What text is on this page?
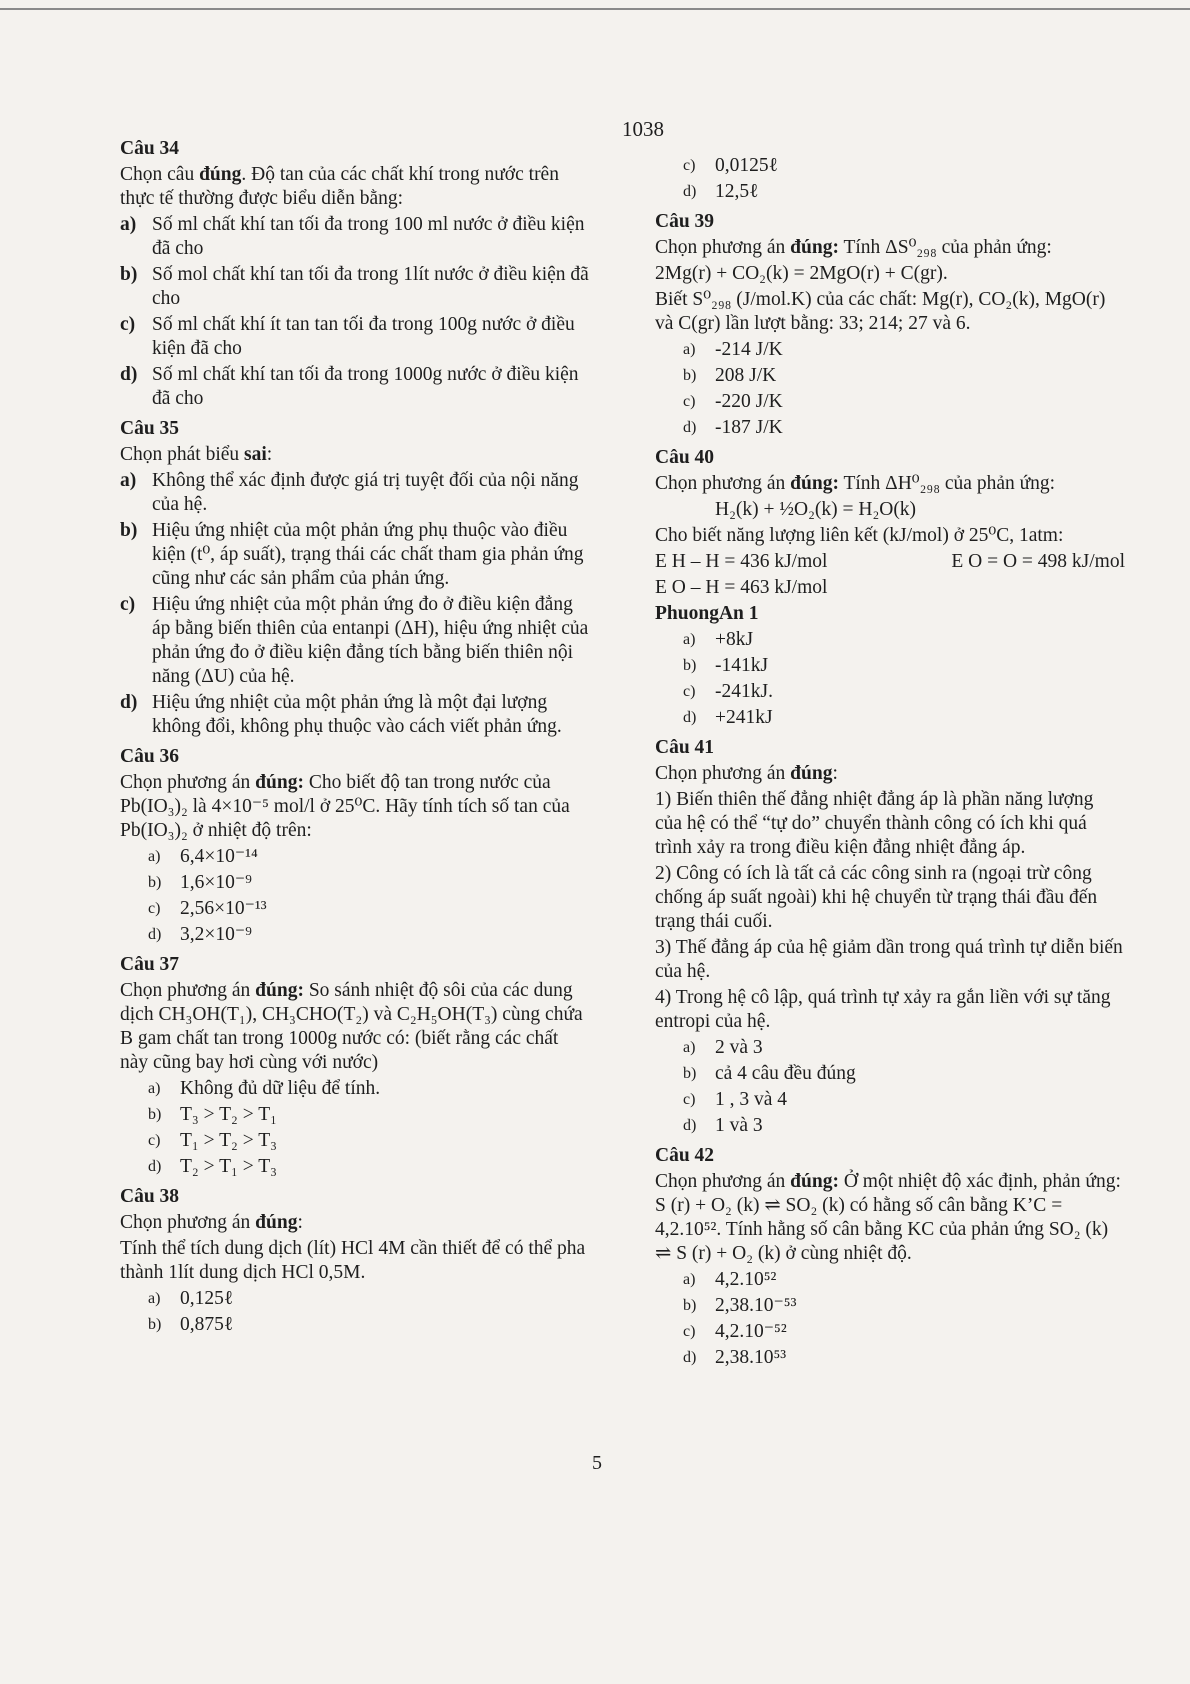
1038
Câu 34
Chọn câu đúng. Độ tan của các chất khí trong nước trên thực tế thường được biểu diễn bằng:
a) Số ml chất khí tan tối đa trong 100 ml nước ở điều kiện đã cho
b) Số mol chất khí tan tối đa trong 1lít nước ở điều kiện đã cho
c) Số ml chất khí ít tan tan tối đa trong 100g nước ở điều kiện đã cho
d) Số ml chất khí tan tối đa trong 1000g nước ở điều kiện đã cho
Câu 35
Chọn phát biểu sai:
a) Không thể xác định được giá trị tuyệt đối của nội năng của hệ.
b) Hiệu ứng nhiệt của một phản ứng phụ thuộc vào điều kiện (t⁰, áp suất), trạng thái các chất tham gia phản ứng cũng như các sản phẩm của phản ứng.
c) Hiệu ứng nhiệt của một phản ứng đo ở điều kiện đẳng áp bằng biến thiên của entanpi (ΔH), hiệu ứng nhiệt của phản ứng đo ở điều kiện đẳng tích bằng biến thiên nội năng (ΔU) của hệ.
d) Hiệu ứng nhiệt của một phản ứng là một đại lượng không đổi, không phụ thuộc vào cách viết phản ứng.
Câu 36
Chọn phương án đúng: Cho biết độ tan trong nước của Pb(IO₃)₂ là 4×10⁻⁵ mol/l ở 25⁰C. Hãy tính tích số tan của Pb(IO₃)₂ ở nhiệt độ trên:
a)	6,4×10⁻¹⁴
b) 1,6×10⁻⁹
c)	2,56×10⁻¹³
d) 3,2×10⁻⁹
Câu 37
Chọn phương án đúng: So sánh nhiệt độ sôi của các dung dịch CH₃OH(T₁), CH₃CHO(T₂) và C₂H₅OH(T₃) cùng chứa B gam chất tan trong 1000g nước có: (biết rằng các chất này cũng bay hơi cùng với nước)
a)	Không đủ dữ liệu để tính.
b) T₃ > T₂ > T₁
c)	T₁ > T₂ > T₃
d) T₂ > T₁ > T₃
Câu 38
Chọn phương án đúng:
Tính thể tích dung dịch (lít) HCl 4M cần thiết để có thể pha thành 1lít dung dịch HCl 0,5M.
a)	0,125ℓ
b) 0,875ℓ
c)	0,0125ℓ
d) 12,5ℓ
Câu 39
Chọn phương án đúng: Tính ΔS⁰₂₉₈ của phản ứng:
2Mg(r) + CO₂(k) = 2MgO(r) + C(gr).
Biết S⁰₂₉₈ (J/mol.K) của các chất: Mg(r), CO₂(k), MgO(r) và C(gr) lần lượt bằng: 33; 214; 27 và 6.
a)	-214 J/K
b) 208 J/K
c)	-220 J/K
d) -187 J/K
Câu 40
Chọn phương án đúng: Tính ΔH⁰₂₉₈ của phản ứng:
H₂(k) + ½O₂(k) = H₂O(k)
Cho biết năng lượng liên kết (kJ/mol) ở 25⁰C, 1atm:
E H – H = 436 kJ/mol	E O = O = 498 kJ/mol
E O – H = 463 kJ/mol
PhuongAn 1
a)	+8kJ
b) -141kJ
c)	-241kJ.
d) +241kJ
Câu 41
Chọn phương án đúng:
1) Biến thiên thế đẳng nhiệt đẳng áp là phần năng lượng của hệ có thể “tự do” chuyển thành công có ích khi quá trình xảy ra trong điều kiện đẳng nhiệt đẳng áp.
2) Công có ích là tất cả các công sinh ra (ngoại trừ công chống áp suất ngoài) khi hệ chuyển từ trạng thái đầu đến trạng thái cuối.
3) Thế đẳng áp của hệ giảm dần trong quá trình tự diễn biến của hệ.
4) Trong hệ cô lập, quá trình tự xảy ra gắn liền với sự tăng entropi của hệ.
a)	2 và 3
b) cả 4 câu đều đúng
c)	1 , 3 và 4
d) 1 và 3
Câu 42
Chọn phương án đúng: Ở một nhiệt độ xác định, phản ứng: S (r) + O₂ (k) ⇌ SO₂ (k) có hằng số cân bằng K’C = 4,2.10⁵². Tính hằng số cân bằng KC của phản ứng SO₂ (k) ⇌ S (r) + O₂ (k) ở cùng nhiệt độ.
a)	4,2.10⁵²
b) 2,38.10⁻⁵³
c)	4,2.10⁻⁵²
d) 2,38.10⁵³
5
